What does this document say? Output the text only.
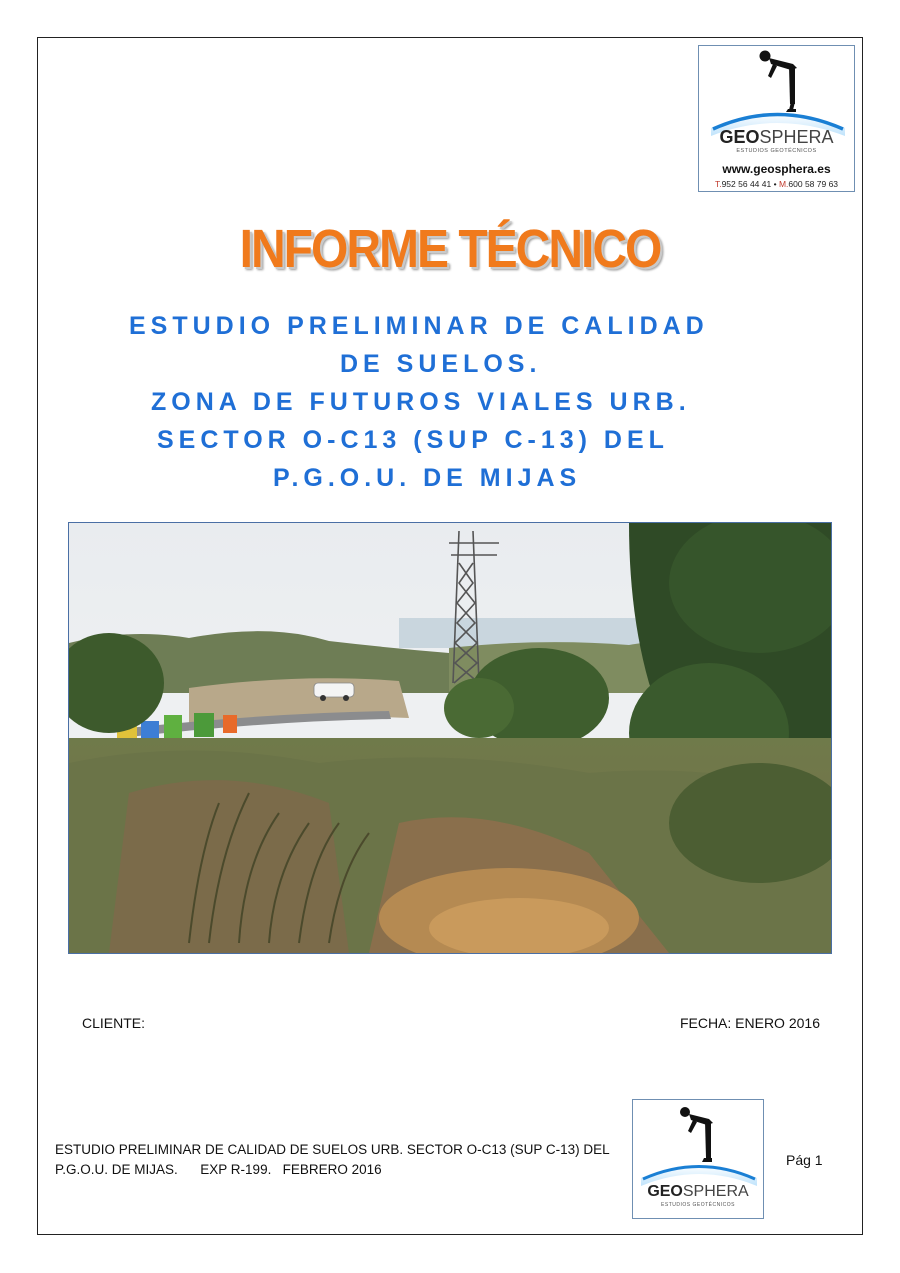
GEOSPHERA
ESTUDIOS GEOTÉCNICOS
www.geosphera.es
T.952 56 44 41 • M.600 58 79 63
INFORME TÉCNICO
ESTUDIO PRELIMINAR DE CALIDAD
DE SUELOS.
ZONA DE FUTUROS VIALES URB.
SECTOR O-C13 (SUP C-13) DEL
P.G.O.U. DE MIJAS
CLIENTE:	FECHA: ENERO 2016
ESTUDIO PRELIMINAR DE CALIDAD DE SUELOS URB. SECTOR O-C13 (SUP C-13) DEL
P.G.O.U. DE MIJAS.      EXP R-199.   FEBRERO 2016
GEOSPHERA
ESTUDIOS GEOTÉCNICOS
Pág 1
